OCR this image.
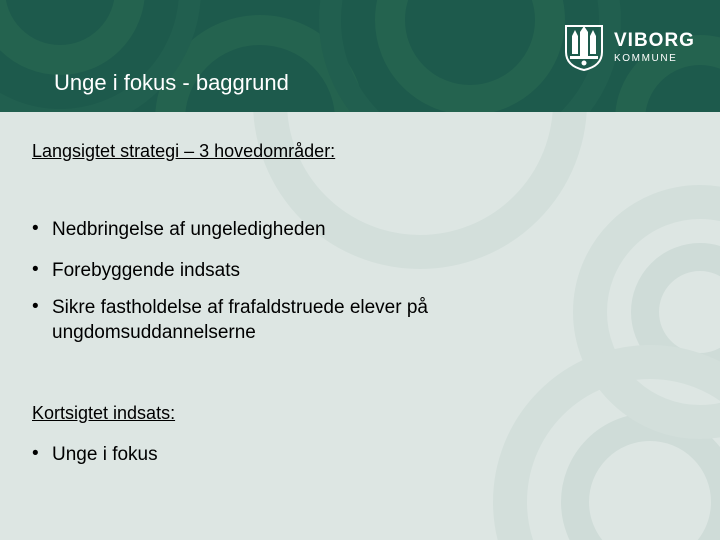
Unge i fokus - baggrund
VIBORG
KOMMUNE
Langsigtet strategi – 3 hovedområder:
• Nedbringelse af ungeledigheden
• Forebyggende indsats
• Sikre fastholdelse af frafaldstruede elever på ungdomsuddannelserne
Kortsigtet indsats:
• Unge i fokus
